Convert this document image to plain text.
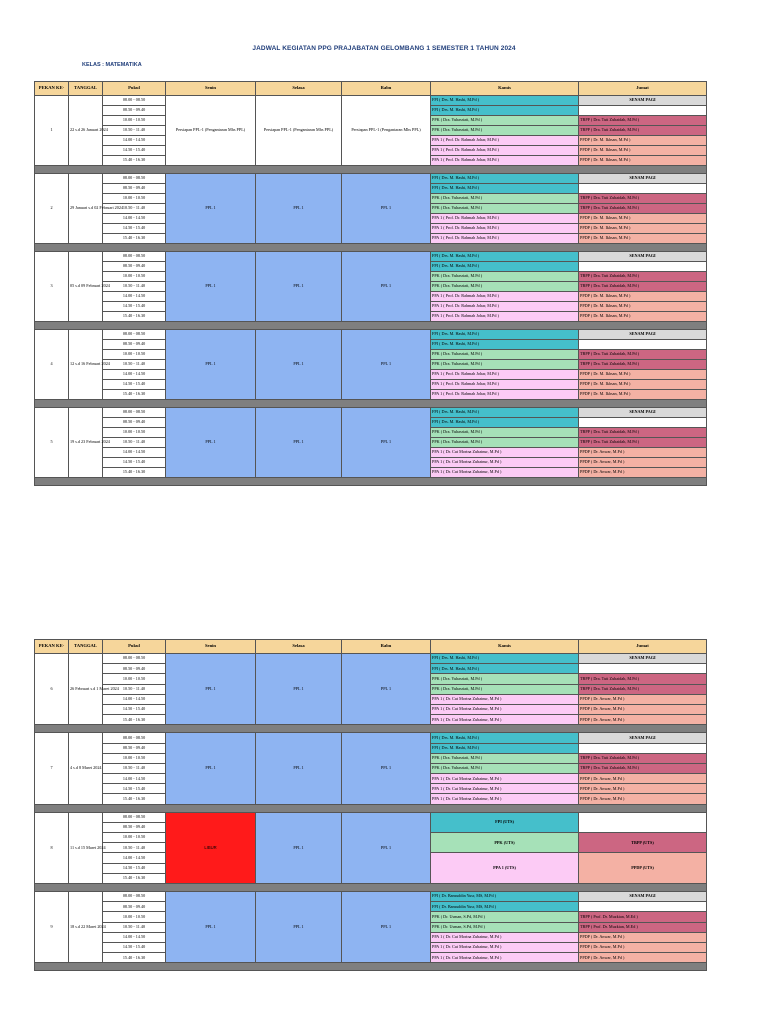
JADWAL KEGIATAN PPG PRAJABATAN GELOMBANG 1 SEMESTER 1 TAHUN 2024
KELAS : MATEMATIKA
PEKAN KE-	TANGGAL	Pukul	Senin	Selasa	Rabu	Kamis	Jumat
1	22 s.d 26 Januari 2024	08.00 - 08.50	Persiapan PPL-1 (Pengantaran Mhs PPL)	Persiapan PPL-1 (Pengantaran Mhs PPL)	Persiapan PPL-1 (Pengantaran Mhs PPL)	FPI ( Drs. M. Hasbi, M.Pd )	SENAM PAGI
		08.50 - 09.40				FPI ( Drs. M. Hasbi, M.Pd )	
		10.00 - 10.50				PPK ( Dra. Yuhasriati, M.Pd )	TBPP ( Dra. Tuti Zubaidah, M.Pd )
		10.50 - 11.40				PPK ( Dra. Yuhasriati, M.Pd )	TBPP ( Dra. Tuti Zubaidah, M.Pd )
		14.00 - 14.50				PPA 1 ( Prof. Dr. Rahmah Johar, M.Pd )	PPDP ( Dr. M. Ikhsan, M.Pd )
		14.50 - 15.40				PPA 1 ( Prof. Dr. Rahmah Johar, M.Pd )	PPDP ( Dr. M. Ikhsan, M.Pd )
		15.40 - 16.30				PPA 1 ( Prof. Dr. Rahmah Johar, M.Pd )	PPDP ( Dr. M. Ikhsan, M.Pd )

2	29 Januari s.d 02 Februari 2024	08.00 - 08.50	PPL 1	PPL 1	PPL 1	FPI ( Drs. M. Hasbi, M.Pd )	SENAM PAGI
		08.50 - 09.40				FPI ( Drs. M. Hasbi, M.Pd )	
		10.00 - 10.50				PPK ( Dra. Yuhasriati, M.Pd )	TBPP ( Dra. Tuti Zubaidah, M.Pd )
		10.50 - 11.40				PPK ( Dra. Yuhasriati, M.Pd )	TBPP ( Dra. Tuti Zubaidah, M.Pd )
		14.00 - 14.50				PPA 1 ( Prof. Dr. Rahmah Johar, M.Pd )	PPDP ( Dr. M. Ikhsan, M.Pd )
		14.50 - 15.40				PPA 1 ( Prof. Dr. Rahmah Johar, M.Pd )	PPDP ( Dr. M. Ikhsan, M.Pd )
		15.40 - 16.30				PPA 1 ( Prof. Dr. Rahmah Johar, M.Pd )	PPDP ( Dr. M. Ikhsan, M.Pd )

3	05 s.d 09 Februari 2024	08.00 - 08.50	PPL 1	PPL 1	PPL 1	FPI ( Drs. M. Hasbi, M.Pd )	SENAM PAGI
		08.50 - 09.40				FPI ( Drs. M. Hasbi, M.Pd )	
		10.00 - 10.50				PPK ( Dra. Yuhasriati, M.Pd )	TBPP ( Dra. Tuti Zubaidah, M.Pd )
		10.50 - 11.40				PPK ( Dra. Yuhasriati, M.Pd )	TBPP ( Dra. Tuti Zubaidah, M.Pd )
		14.00 - 14.50				PPA 1 ( Prof. Dr. Rahmah Johar, M.Pd )	PPDP ( Dr. M. Ikhsan, M.Pd )
		14.50 - 15.40				PPA 1 ( Prof. Dr. Rahmah Johar, M.Pd )	PPDP ( Dr. M. Ikhsan, M.Pd )
		15.40 - 16.30				PPA 1 ( Prof. Dr. Rahmah Johar, M.Pd )	PPDP ( Dr. M. Ikhsan, M.Pd )

4	12 s.d 16 Februari 2024	08.00 - 08.50	PPL 1	PPL 1	PPL 1	FPI ( Drs. M. Hasbi, M.Pd )	SENAM PAGI
		08.50 - 09.40				FPI ( Drs. M. Hasbi, M.Pd )	
		10.00 - 10.50				PPK ( Dra. Yuhasriati, M.Pd )	TBPP ( Dra. Tuti Zubaidah, M.Pd )
		10.50 - 11.40				PPK ( Dra. Yuhasriati, M.Pd )	TBPP ( Dra. Tuti Zubaidah, M.Pd )
		14.00 - 14.50				PPA 1 ( Prof. Dr. Rahmah Johar, M.Pd )	PPDP ( Dr. M. Ikhsan, M.Pd )
		14.50 - 15.40				PPA 1 ( Prof. Dr. Rahmah Johar, M.Pd )	PPDP ( Dr. M. Ikhsan, M.Pd )
		15.40 - 16.30				PPA 1 ( Prof. Dr. Rahmah Johar, M.Pd )	PPDP ( Dr. M. Ikhsan, M.Pd )

5	19 s.d 23 Februari 2024	08.00 - 08.50	PPL 1	PPL 1	PPL 1	FPI ( Drs. M. Hasbi, M.Pd )	SENAM PAGI
		08.50 - 09.40				FPI ( Drs. M. Hasbi, M.Pd )	
		10.00 - 10.50				PPK ( Dra. Yuhasriati, M.Pd )	TBPP ( Dra. Tuti Zubaidah, M.Pd )
		10.50 - 11.40				PPK ( Dra. Yuhasriati, M.Pd )	TBPP ( Dra. Tuti Zubaidah, M.Pd )
		14.00 - 14.50				PPA 1 ( Dr. Cut Morina Zubainur, M.Pd )	PPDP ( Dr. Anwar, M.Pd )
		14.50 - 15.40				PPA 1 ( Dr. Cut Morina Zubainur, M.Pd )	PPDP ( Dr. Anwar, M.Pd )
		15.40 - 16.30				PPA 1 ( Dr. Cut Morina Zubainur, M.Pd )	PPDP ( Dr. Anwar, M.Pd )

PEKAN KE-	TANGGAL	Pukul	Senin	Selasa	Rabu	Kamis	Jumat
6	26 Februari s.d 1 Maret 2024	08.00 - 08.50	PPL 1	PPL 1	PPL 1	FPI ( Drs. M. Hasbi, M.Pd )	SENAM PAGI
		08.50 - 09.40				FPI ( Drs. M. Hasbi, M.Pd )	
		10.00 - 10.50				PPK ( Dra. Yuhasriati, M.Pd )	TBPP ( Dra. Tuti Zubaidah, M.Pd )
		10.50 - 11.40				PPK ( Dra. Yuhasriati, M.Pd )	TBPP ( Dra. Tuti Zubaidah, M.Pd )
		14.00 - 14.50				PPA 1 ( Dr. Cut Morina Zubainur, M.Pd )	PPDP ( Dr. Anwar, M.Pd )
		14.50 - 15.40				PPA 1 ( Dr. Cut Morina Zubainur, M.Pd )	PPDP ( Dr. Anwar, M.Pd )
		15.40 - 16.30				PPA 1 ( Dr. Cut Morina Zubainur, M.Pd )	PPDP ( Dr. Anwar, M.Pd )

7	4 s.d 8 Maret 2024	08.00 - 08.50	PPL 1	PPL 1	PPL 1	FPI ( Drs. M. Hasbi, M.Pd )	SENAM PAGI
		08.50 - 09.40				FPI ( Drs. M. Hasbi, M.Pd )	
		10.00 - 10.50				PPK ( Dra. Yuhasriati, M.Pd )	TBPP ( Dra. Tuti Zubaidah, M.Pd )
		10.50 - 11.40				PPK ( Dra. Yuhasriati, M.Pd )	TBPP ( Dra. Tuti Zubaidah, M.Pd )
		14.00 - 14.50				PPA 1 ( Dr. Cut Morina Zubainur, M.Pd )	PPDP ( Dr. Anwar, M.Pd )
		14.50 - 15.40				PPA 1 ( Dr. Cut Morina Zubainur, M.Pd )	PPDP ( Dr. Anwar, M.Pd )
		15.40 - 16.30				PPA 1 ( Dr. Cut Morina Zubainur, M.Pd )	PPDP ( Dr. Anwar, M.Pd )

8	11 s.d 15 Maret 2024	08.00 - 08.50	LIBUR	PPL 1	PPL 1	FPI (UTS)	
		08.50 - 09.40					
		10.00 - 10.50				PPK (UTS)	TBPP (UTS)
		10.50 - 11.40					
		14.00 - 14.50				PPA 1 (UTS)	PPDP (UTS)
		14.50 - 15.40					
		15.40 - 16.30					

9	18 s.d 22 Maret 2024	08.00 - 08.50	PPL 1	PPL 1	PPL 1	FPI ( Dr. Bansuddin Yusr, MS, M.Pd )	SENAM PAGI
		08.50 - 09.40				FPI ( Dr. Bansuddin Yusr, MS, M.Pd )	
		10.00 - 10.50				PPK ( Dr. Usman, S.Pd, M.Pd )	TBPP ( Prof. Dr. Muzkian, M.Ed )
		10.50 - 11.40				PPK ( Dr. Usman, S.Pd, M.Pd )	TBPP ( Prof. Dr. Muzkian, M.Ed )
		14.00 - 14.50				PPA 1 ( Dr. Cut Morina Zubainur, M.Pd )	PPDP ( Dr. Anwar, M.Pd )
		14.50 - 15.40				PPA 1 ( Dr. Cut Morina Zubainur, M.Pd )	PPDP ( Dr. Anwar, M.Pd )
		15.40 - 16.30				PPA 1 ( Dr. Cut Morina Zubainur, M.Pd )	PPDP ( Dr. Anwar, M.Pd )
